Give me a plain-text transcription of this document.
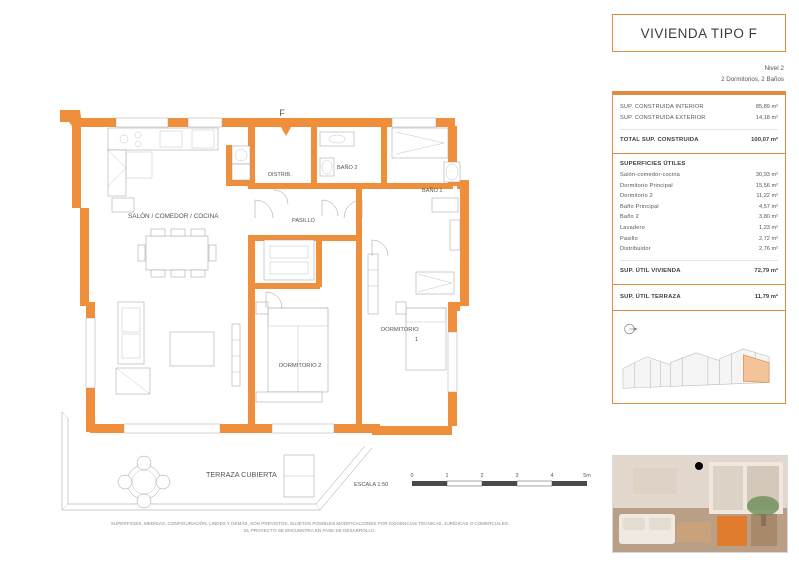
F
SALÓN / COMEDOR / COCINA
DISTRIB.
PASILLO
BAÑO 2
BAÑO 1
DORMITORIO
1
DORMITORIO 2
TERRAZA CUBIERTA	0	1	2	3	4	5m
ESCALA 1:50
SUPERFICIES, MEDIDAS, CONFIGURACIÓN, LINDES Y DEMÁS, SON PREVISTOS, SUJETOS POSIBLES MODIFICACIONES POR EXIGENCIAS TÉCNICAS, JURÍDICAS O COMERCIALES.
EL PROYECTO SE ENCUENTRA EN FASE DE DESARROLLO.
VIVIENDA TIPO F
Nivel 2
2 Dormitorios, 2 Baños
SUP. CONSTRUIDA INTERIOR	85,89 m²
SUP. CONSTRUIDA EXTERIOR	14,18 m²
TOTAL SUP. CONSTRUIDA	100,07 m²
SUPERFICIES ÚTILES
Salón-comedor-cocina	30,93 m²
Dormitorio Principal	15,56 m²
Dormitorio 2	11,22 m²
Baño Principal	4,57 m²
Baño 2	3,80 m²
Lavadero	1,23 m²
Pasillo	2,72 m²
Distribuidor	2,76 m²
SUP. ÚTIL VIVIENDA	72,79 m²
SUP. ÚTIL TERRAZA	11,79 m²
